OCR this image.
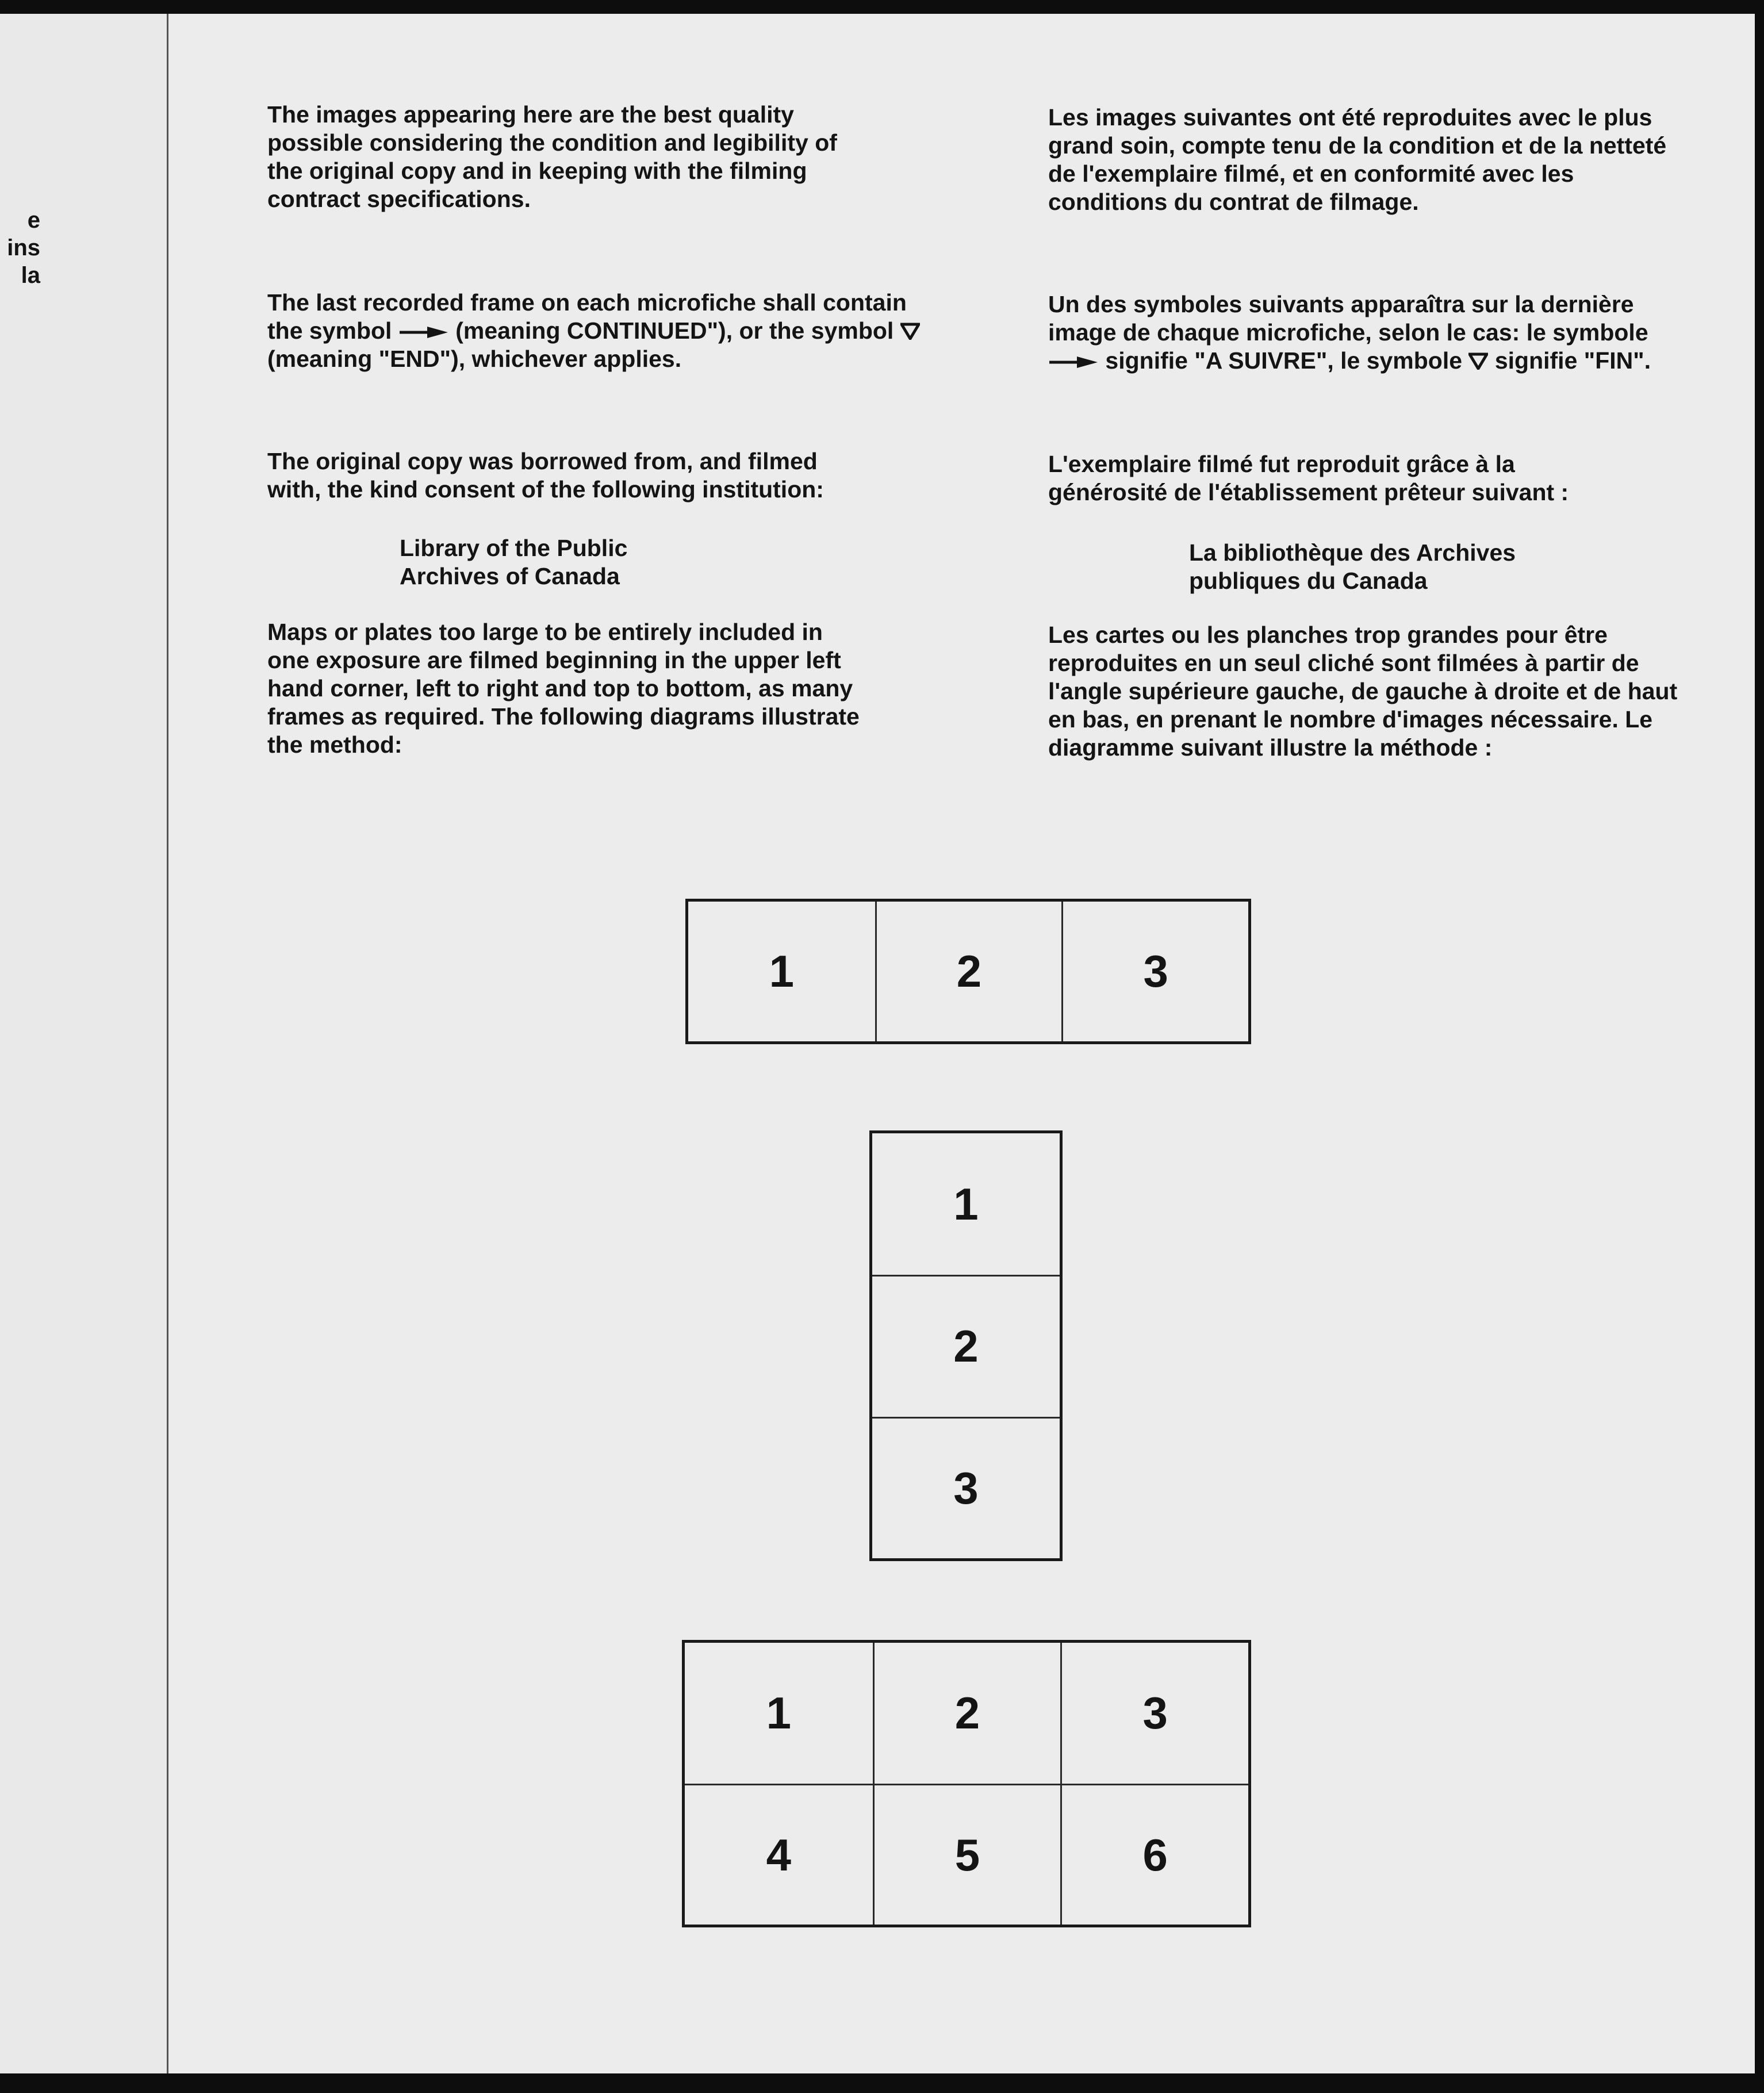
e
ins
la

The images appearing here are the best quality possible considering the condition and legibility of the original copy and in keeping with the filming contract specifications.

The last recorded frame on each microfiche shall contain the symbol	(meaning CONTINUED"), or the symbol  (meaning "END"), whichever applies.

The original copy was borrowed from, and filmed with, the kind consent of the following institution:

Library of the Public

Archives of Canada

Maps or plates too large to be entirely included in one exposure are filmed beginning in the upper left hand corner, left to right and top to bottom, as many frames as required. The following diagrams illustrate the method:

Les images suivantes ont été reproduites avec le plus grand soin, compte tenu de la condition et de la netteté de l'exemplaire filmé, et en conformité avec les conditions du contrat de filmage.

Un des symboles suivants apparaîtra sur la dernière image de chaque microfiche, selon le cas: le symbole  signifie "A SUIVRE", le symbole signifie "FIN".

L'exemplaire filmé fut reproduit grâce à la générosité de l'établissement prêteur suivant :

La bibliothèque des Archives

publiques du Canada

Les cartes ou les planches trop grandes pour être reproduites en un seul cliché sont filmées à partir de l'angle supérieure gauche, de gauche à droite et de haut en bas, en prenant le nombre d'images nécessaire. Le diagramme suivant illustre la méthode :

1	2	3
1
2
3
1	2	3
4	5	6
